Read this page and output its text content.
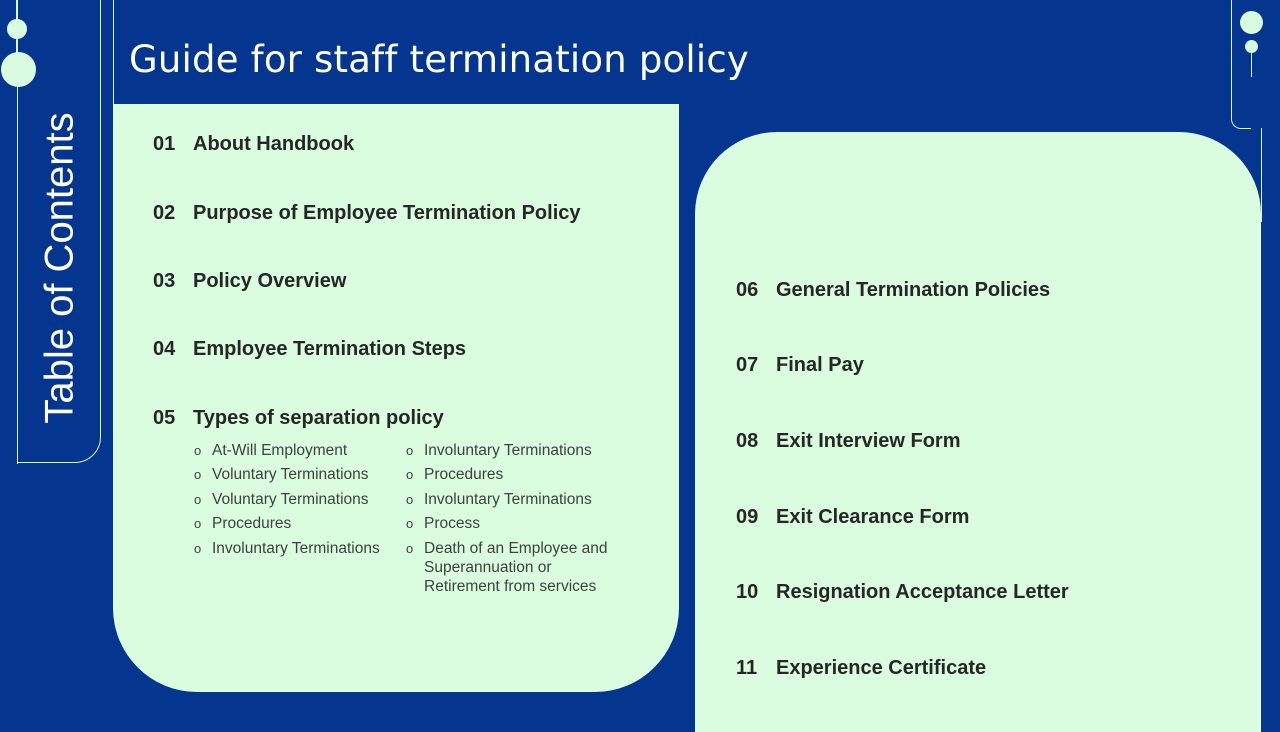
Table of Contents
Guide for staff termination policy
01 About Handbook
02 Purpose of Employee Termination Policy
03 Policy Overview
04 Employee Termination Steps
05 Types of separation policy
o At-Will Employment
o Voluntary Terminations
o Voluntary Terminations
o Procedures
o Involuntary Terminations
o Involuntary Terminations
o Procedures
o Involuntary Terminations
o Process
o Death of an Employee and Superannuation or Retirement from services
06 General Termination Policies
07 Final Pay
08 Exit Interview Form
09 Exit Clearance Form
10 Resignation Acceptance Letter
11 Experience Certificate
